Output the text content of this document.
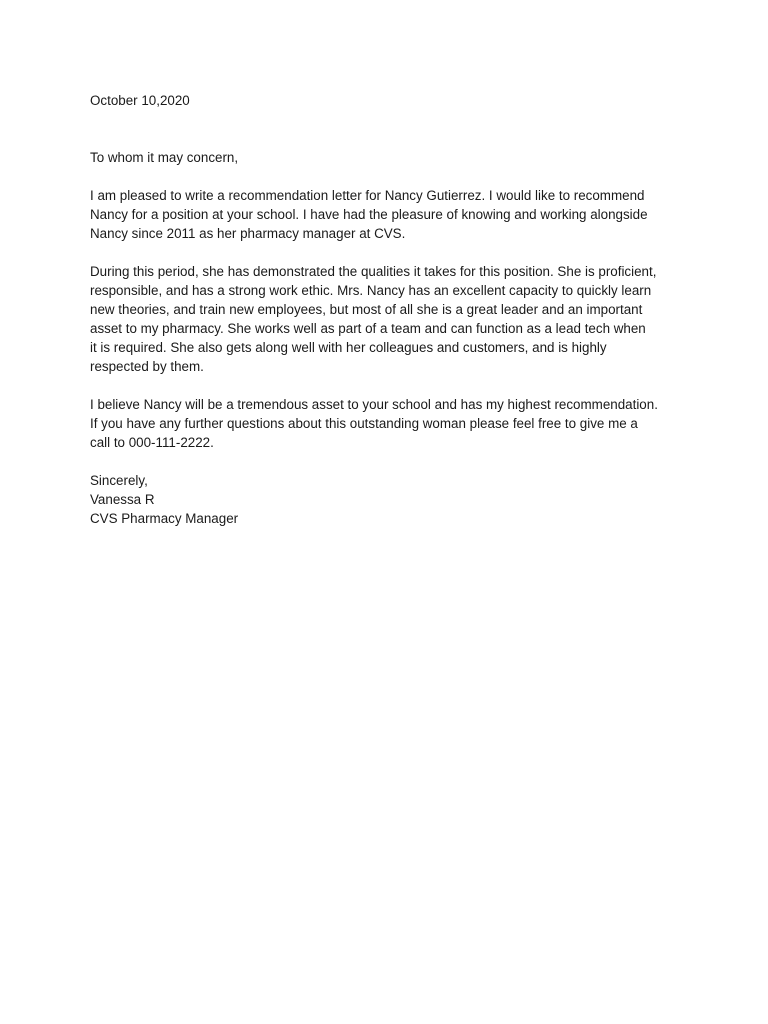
October 10,2020
To whom it may concern,
I am pleased to write a recommendation letter for Nancy Gutierrez. I would like to recommend
Nancy for a position at your school. I have had the pleasure of knowing and working alongside
Nancy since 2011 as her pharmacy manager at CVS.
During this period, she has demonstrated the qualities it takes for this position. She is proficient,
responsible, and has a strong work ethic. Mrs. Nancy has an excellent capacity to quickly learn
new theories, and train new employees, but most of all she is a great leader and an important
asset to my pharmacy. She works well as part of a team and can function as a lead tech when
it is required. She also gets along well with her colleagues and customers, and is highly
respected by them.
I believe Nancy will be a tremendous asset to your school and has my highest recommendation.
If you have any further questions about this outstanding woman please feel free to give me a
call to 000-111-2222.
Sincerely,
Vanessa R
CVS Pharmacy Manager
